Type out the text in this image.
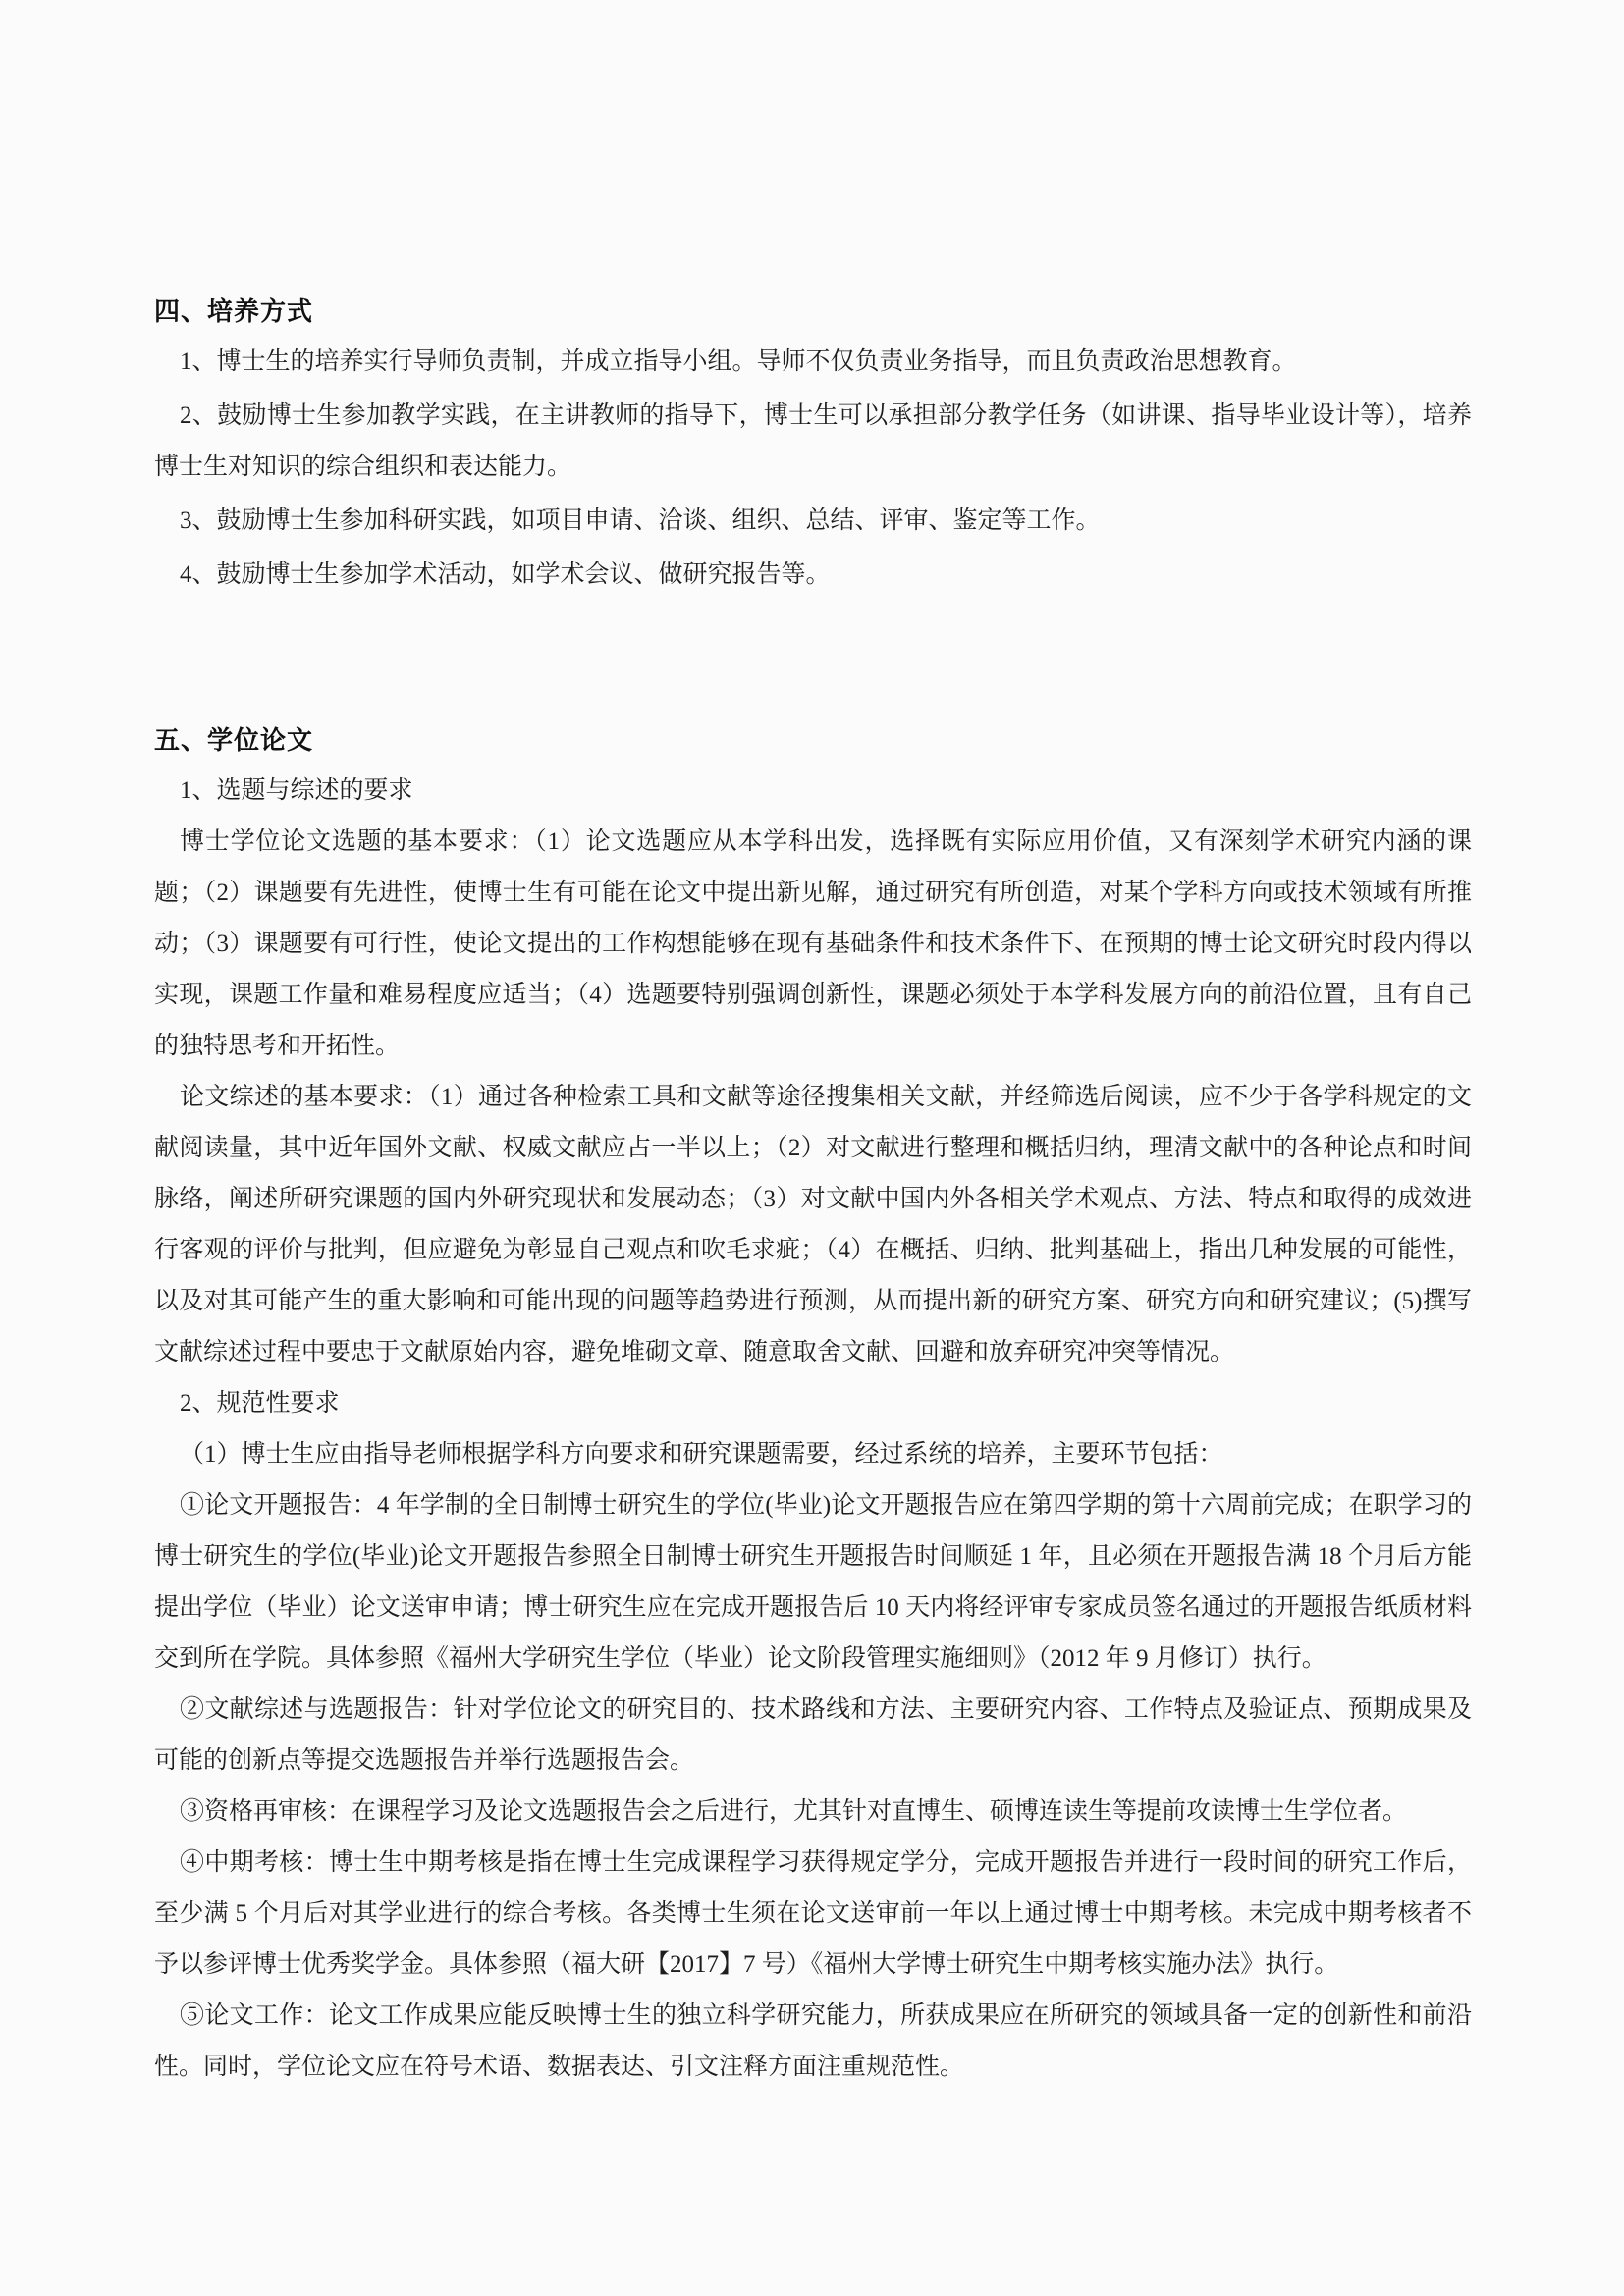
四、培养方式

1、博士生的培养实行导师负责制，并成立指导小组。导师不仅负责业务指导，而且负责政治思想教育。

2、鼓励博士生参加教学实践，在主讲教师的指导下，博士生可以承担部分教学任务（如讲课、指导毕业设计等），培养博士生对知识的综合组织和表达能力。

3、鼓励博士生参加科研实践，如项目申请、洽谈、组织、总结、评审、鉴定等工作。

4、鼓励博士生参加学术活动，如学术会议、做研究报告等。

五、学位论文

1、选题与综述的要求

博士学位论文选题的基本要求：（1）论文选题应从本学科出发，选择既有实际应用价值，又有深刻学术研究内涵的课题；（2）课题要有先进性，使博士生有可能在论文中提出新见解，通过研究有所创造，对某个学科方向或技术领域有所推动；（3）课题要有可行性，使论文提出的工作构想能够在现有基础条件和技术条件下、在预期的博士论文研究时段内得以实现，课题工作量和难易程度应适当；（4）选题要特别强调创新性，课题必须处于本学科发展方向的前沿位置，且有自己的独特思考和开拓性。

论文综述的基本要求：（1）通过各种检索工具和文献等途径搜集相关文献，并经筛选后阅读，应不少于各学科规定的文献阅读量，其中近年国外文献、权威文献应占一半以上；（2）对文献进行整理和概括归纳，理清文献中的各种论点和时间脉络，阐述所研究课题的国内外研究现状和发展动态；（3）对文献中国内外各相关学术观点、方法、特点和取得的成效进行客观的评价与批判，但应避免为彰显自己观点和吹毛求疵；（4）在概括、归纳、批判基础上，指出几种发展的可能性，以及对其可能产生的重大影响和可能出现的问题等趋势进行预测，从而提出新的研究方案、研究方向和研究建议；(5)撰写文献综述过程中要忠于文献原始内容，避免堆砌文章、随意取舍文献、回避和放弃研究冲突等情况。

2、规范性要求

（1）博士生应由指导老师根据学科方向要求和研究课题需要，经过系统的培养，主要环节包括：

①论文开题报告：4 年学制的全日制博士研究生的学位(毕业)论文开题报告应在第四学期的第十六周前完成；在职学习的博士研究生的学位(毕业)论文开题报告参照全日制博士研究生开题报告时间顺延 1 年，且必须在开题报告满 18 个月后方能提出学位（毕业）论文送审申请；博士研究生应在完成开题报告后 10 天内将经评审专家成员签名通过的开题报告纸质材料交到所在学院。具体参照《福州大学研究生学位（毕业）论文阶段管理实施细则》（2012 年 9 月修订）执行。

②文献综述与选题报告：针对学位论文的研究目的、技术路线和方法、主要研究内容、工作特点及验证点、预期成果及可能的创新点等提交选题报告并举行选题报告会。

③资格再审核：在课程学习及论文选题报告会之后进行，尤其针对直博生、硕博连读生等提前攻读博士生学位者。

④中期考核：博士生中期考核是指在博士生完成课程学习获得规定学分，完成开题报告并进行一段时间的研究工作后，至少满 5 个月后对其学业进行的综合考核。各类博士生须在论文送审前一年以上通过博士中期考核。未完成中期考核者不予以参评博士优秀奖学金。具体参照（福大研【2017】7 号）《福州大学博士研究生中期考核实施办法》执行。

⑤论文工作：论文工作成果应能反映博士生的独立科学研究能力，所获成果应在所研究的领域具备一定的创新性和前沿性。同时，学位论文应在符号术语、数据表达、引文注释方面注重规范性。
